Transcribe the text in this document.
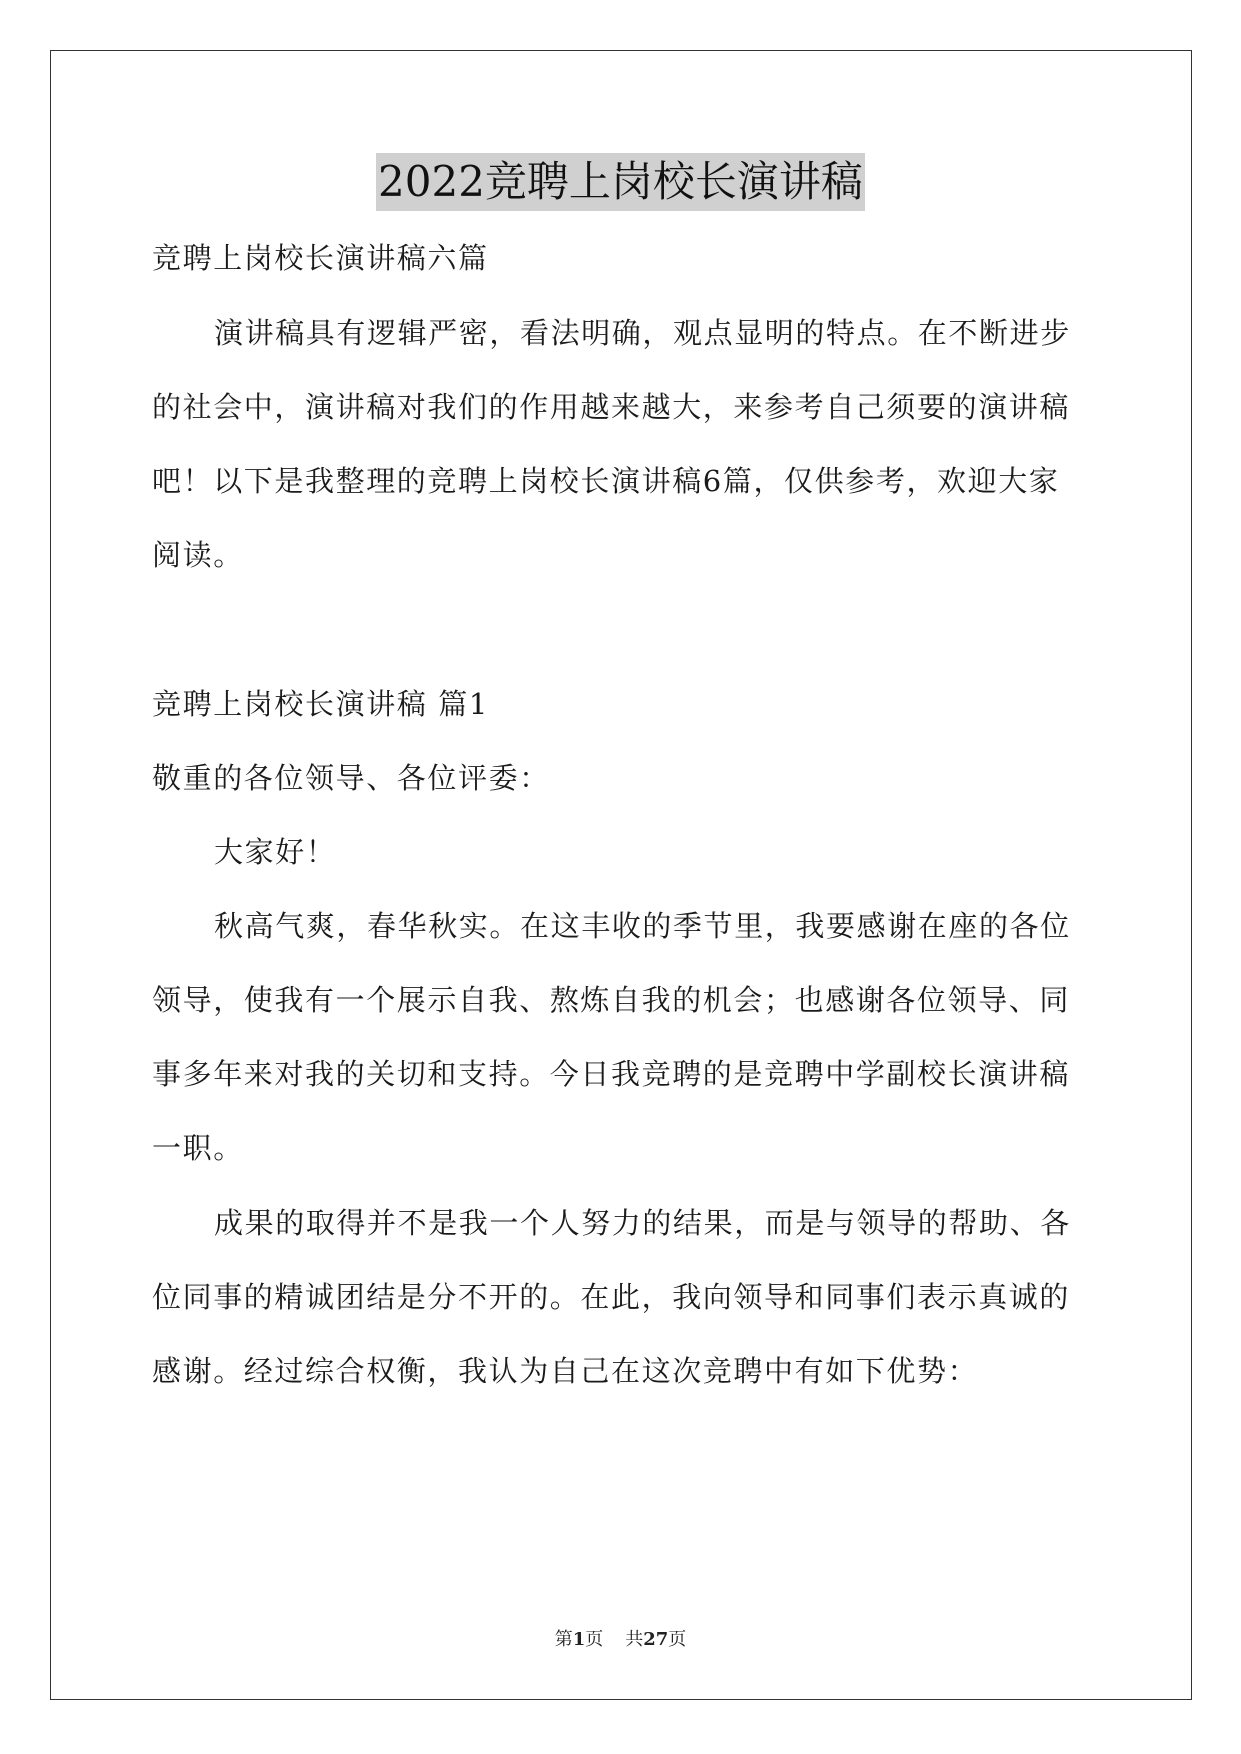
2022竞聘上岗校长演讲稿
竞聘上岗校长演讲稿六篇
演讲稿具有逻辑严密，看法明确，观点显明的特点。在不断进步
的社会中，演讲稿对我们的作用越来越大，来参考自己须要的演讲稿
吧！以下是我整理的竞聘上岗校长演讲稿6篇，仅供参考，欢迎大家
阅读。
竞聘上岗校长演讲稿 篇1
敬重的各位领导、各位评委：
大家好！
秋高气爽，春华秋实。在这丰收的季节里，我要感谢在座的各位
领导，使我有一个展示自我、熬炼自我的机会；也感谢各位领导、同
事多年来对我的关切和支持。今日我竞聘的是竞聘中学副校长演讲稿
一职。
成果的取得并不是我一个人努力的结果，而是与领导的帮助、各
位同事的精诚团结是分不开的。在此，我向领导和同事们表示真诚的
感谢。经过综合权衡，我认为自己在这次竞聘中有如下优势：
第1页 共27页
